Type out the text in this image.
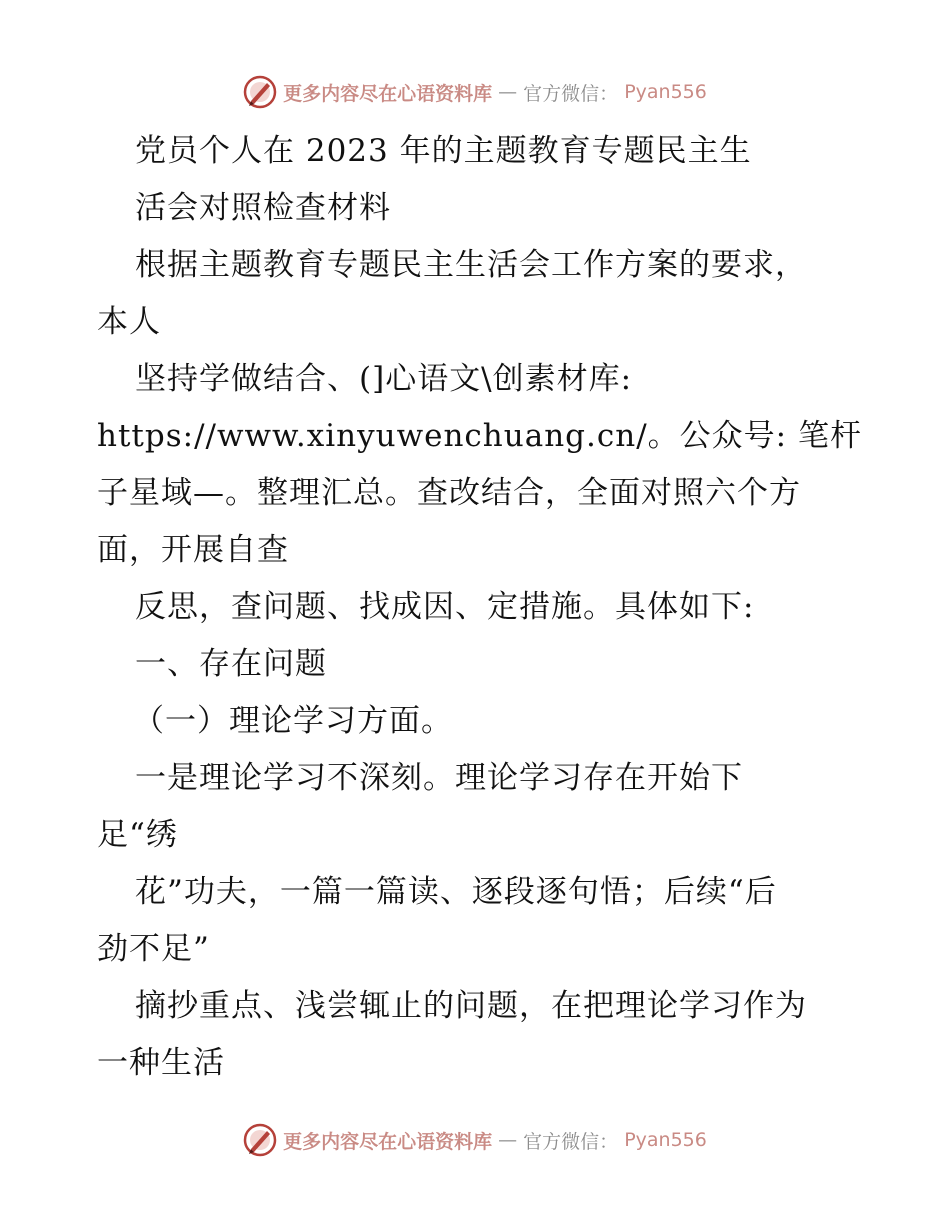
更多内容尽在心语资料库 — 官方微信： Pyan556
党员个人在 2023 年的主题教育专题民主生
活会对照检查材料
根据主题教育专题民主生活会工作方案的要求，
本人
坚持学做结合、(]心语文\创素材库:
https://www.xinyuwenchuang.cn/。公众号: 笔杆
子星域—。整理汇总。查改结合，全面对照六个方
面，开展自查
反思，查问题、找成因、定措施。具体如下:
一、存在问题
（一）理论学习方面。
一是理论学习不深刻。理论学习存在开始下
足“绣
花”功夫，一篇一篇读、逐段逐句悟；后续“后
劲不足”
摘抄重点、浅尝辄止的问题，在把理论学习作为
一种生活
更多内容尽在心语资料库 — 官方微信： Pyan556
